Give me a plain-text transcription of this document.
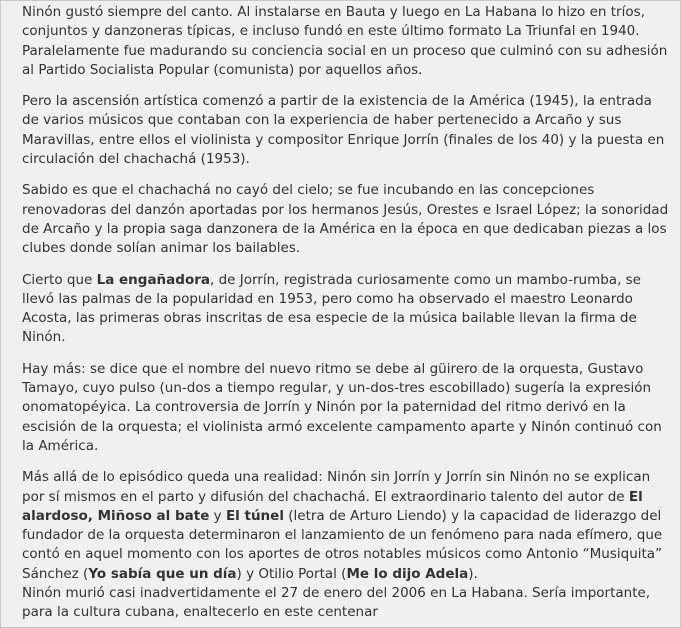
Ninón gustó siempre del canto. Al instalarse en Bauta y luego en La Habana lo hizo en tríos, conjuntos y danzoneras típicas, e incluso fundó en este último formato La Triunfal en 1940. Paralelamente fue madurando su conciencia social en un proceso que culminó con su adhesión al Partido Socialista Popular (comunista) por aquellos años.

Pero la ascensión artística comenzó a partir de la existencia de la América (1945), la entrada de varios músicos que contaban con la experiencia de haber pertenecido a Arcaño y sus Maravillas, entre ellos el violinista y compositor Enrique Jorrín (finales de los 40) y la puesta en circulación del chachachá (1953).

Sabido es que el chachachá no cayó del cielo; se fue incubando en las concepciones renovadoras del danzón aportadas por los hermanos Jesús, Orestes e Israel López; la sonoridad de Arcaño y la propia saga danzonera de la América en la época en que dedicaban piezas a los clubes donde solían animar los bailables.

Cierto que La engañadora, de Jorrín, registrada curiosamente como un mambo-rumba, se llevó las palmas de la popularidad en 1953, pero como ha observado el maestro Leonardo Acosta, las primeras obras inscritas de esa especie de la música bailable llevan la firma de Ninón.

Hay más: se dice que el nombre del nuevo ritmo se debe al güirero de la orquesta, Gustavo Tamayo, cuyo pulso (un-dos a tiempo regular, y un-dos-tres escobillado) sugería la expresión onomatopéyica. La controversia de Jorrín y Ninón por la paternidad del ritmo derivó en la escisión de la orquesta; el violinista armó excelente campamento aparte y Ninón continuó con la América.

Más allá de lo episódico queda una realidad: Ninón sin Jorrín y Jorrín sin Ninón no se explican por sí mismos en el parto y difusión del chachachá. El extraordinario talento del autor de El alardoso, Miñoso al bate y El túnel (letra de Arturo Liendo) y la capacidad de liderazgo del fundador de la orquesta determinaron el lanzamiento de un fenómeno para nada efímero, que contó en aquel momento con los aportes de otros notables músicos como Antonio “Musiquita” Sánchez (Yo sabía que un día) y Otilio Portal (Me lo dijo Adela).

Ninón murió casi inadvertidamente el 27 de enero del 2006 en La Habana. Sería importante, para la cultura cubana, enaltecerlo en este centenar
